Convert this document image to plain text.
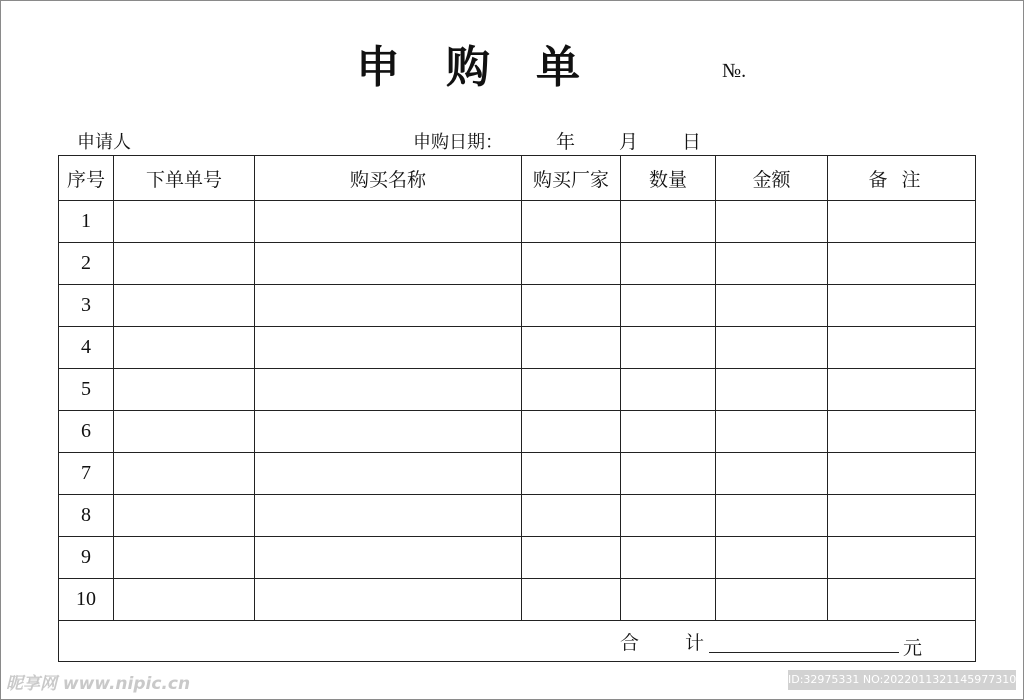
申购单	№.
申请人	申购日期：	年 月 日
序号	下单单号	购买名称	购买厂家	数量	金额	备注
1						
2						
3						
4						
5						
6						
7						
8						
9						
10						

合计 元						
昵享网 www.nipic.cn	ID:32975331 NO:20220113211459773104
